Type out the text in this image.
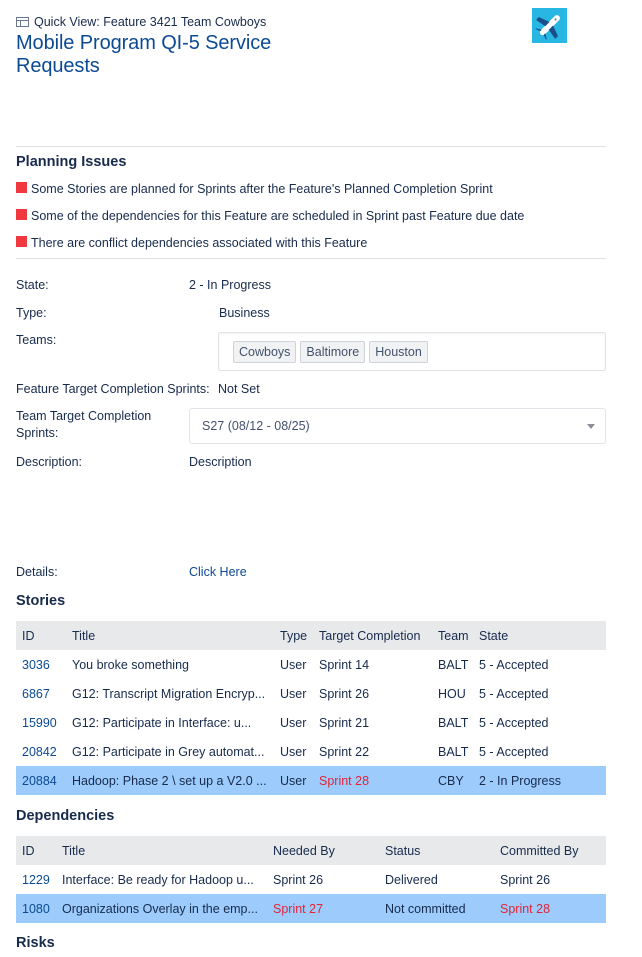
Quick View: Feature 3421 Team Cowboys
Mobile Program QI-5 Service Requests
Planning Issues
Some Stories are planned for Sprints after the Feature's Planned Completion Sprint
Some of the dependencies for this Feature are scheduled in Sprint past Feature due date
There are conflict dependencies associated with this Feature
State:	2 - In Progress
Type:	Business
Teams:
Cowboys	Baltimore	Houston
Feature Target Completion Sprints: Not Set
Team Target Completion Sprints:	S27 (08/12 - 08/25)
Description:	Description
Details:	Click Here
Stories
ID	Title	Type	Target Completion	Team	State
3036	You broke something	User	Sprint 14	BALT	5 - Accepted
6867	G12: Transcript Migration Encryp...	User	Sprint 26	HOU	5 - Accepted
15990	G12: Participate in Interface: u...	User	Sprint 21	BALT	5 - Accepted
20842	G12: Participate in Grey automat...	User	Sprint 22	BALT	5 - Accepted
20884	Hadoop: Phase 2 \ set up a V2.0 ...	User	Sprint 28	CBY	2 - In Progress
Dependencies
ID	Title	Needed By	Status	Committed By
1229	Interface: Be ready for Hadoop u...	Sprint 26	Delivered	Sprint 26
1080	Organizations Overlay in the emp...	Sprint 27	Not committed	Sprint 28
Risks
